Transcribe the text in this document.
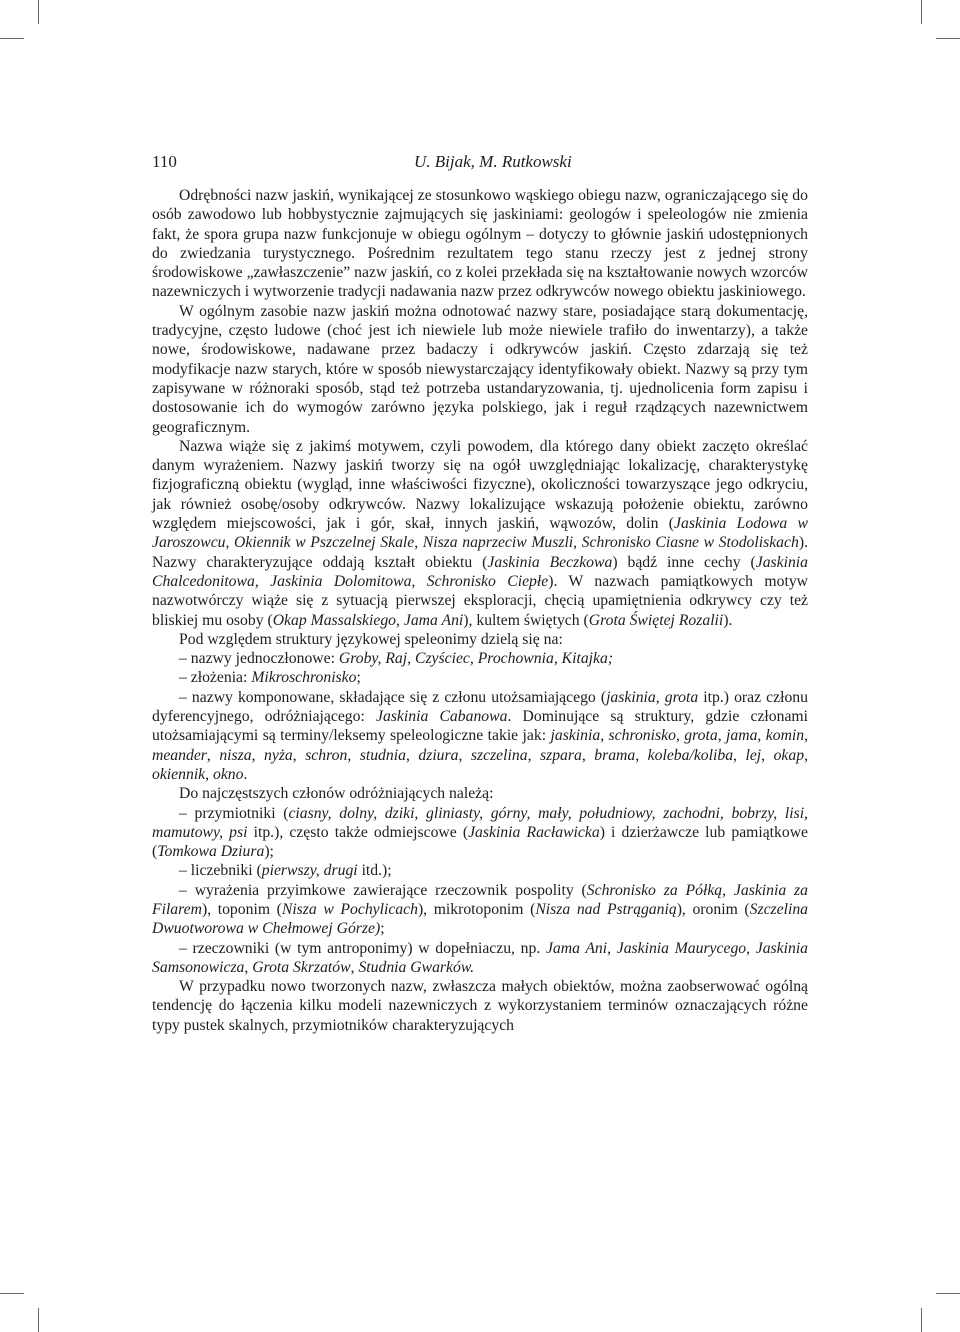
110	U. Bijak, M. Rutkowski

Odrębności nazw jaskiń, wynikającej ze stosunkowo wąskiego obiegu nazw, ograniczającego się do osób zawodowo lub hobbystycznie zajmujących się jaskiniami: geologów i speleologów nie zmienia fakt, że spora grupa nazw funkcjonuje w obiegu ogólnym – dotyczy to głównie jaskiń udostępnionych do zwiedzania turystycznego. Pośrednim rezultatem tego stanu rzeczy jest z jednej strony środowiskowe „zawłaszczenie” nazw jaskiń, co z kolei przekłada się na kształtowanie nowych wzorców nazewniczych i wytworzenie tradycji nadawania nazw przez odkrywców nowego obiektu jaskiniowego.

W ogólnym zasobie nazw jaskiń można odnotować nazwy stare, posiadające starą dokumentację, tradycyjne, często ludowe (choć jest ich niewiele lub może niewiele trafiło do inwentarzy), a także nowe, środowiskowe, nadawane przez badaczy i odkrywców jaskiń. Często zdarzają się też modyfikacje nazw starych, które w sposób niewystarczający identyfikowały obiekt. Nazwy są przy tym zapisywane w różnoraki sposób, stąd też potrzeba ustandaryzowania, tj. ujednolicenia form zapisu i dostosowanie ich do wymogów zarówno języka polskiego, jak i reguł rządzących nazewnictwem geograficznym.

Nazwa wiąże się z jakimś motywem, czyli powodem, dla którego dany obiekt zaczęto określać danym wyrażeniem. Nazwy jaskiń tworzy się na ogół uwzględniając lokalizację, charakterystykę fizjograficzną obiektu (wygląd, inne właściwości fizyczne), okoliczności towarzyszące jego odkryciu, jak również osobę/osoby odkrywców. Nazwy lokalizujące wskazują położenie obiektu, zarówno względem miejscowości, jak i gór, skał, innych jaskiń, wąwozów, dolin (Jaskinia Lodowa w Jaroszowcu, Okiennik w Pszczelnej Skale, Nisza naprzeciw Muszli, Schronisko Ciasne w Stodoliskach). Nazwy charakteryzujące oddają kształt obiektu (Jaskinia Beczkowa) bądź inne cechy (Jaskinia Chalcedonitowa, Jaskinia Dolomitowa, Schronisko Ciepłe). W nazwach pamiątkowych motyw nazwotwórczy wiąże się z sytuacją pierwszej eksploracji, chęcią upamiętnienia odkrywcy czy też bliskiej mu osoby (Okap Massalskiego, Jama Ani), kultem świętych (Grota Świętej Rozalii).

Pod względem struktury językowej speleonimy dzielą się na:

– nazwy jednoczłonowe: Groby, Raj, Czyściec, Prochownia, Kitajka;

– złożenia: Mikroschronisko;

– nazwy komponowane, składające się z członu utożsamiającego (jaskinia, grota itp.) oraz członu dyferencyjnego, odróżniającego: Jaskinia Cabanowa. Dominujące są struktury, gdzie członami utożsamiającymi są terminy/leksemy speleologiczne takie jak: jaskinia, schronisko, grota, jama, komin, meander, nisza, nyża, schron, studnia, dziura, szczelina, szpara, brama, koleba/koliba, lej, okap, okiennik, okno.

Do najczęstszych członów odróżniających należą:

– przymiotniki (ciasny, dolny, dziki, gliniasty, górny, mały, południowy, zachodni, bobrzy, lisi, mamutowy, psi itp.), często także odmiejscowe (Jaskinia Racławicka) i dzierżawcze lub pamiątkowe (Tomkowa Dziura);

– liczebniki (pierwszy, drugi itd.);

– wyrażenia przyimkowe zawierające rzeczownik pospolity (Schronisko za Półką, Jaskinia za Filarem), toponim (Nisza w Pochylicach), mikrotoponim (Nisza nad Pstrąganią), oronim (Szczelina Dwuotworowa w Chełmowej Górze);

– rzeczowniki (w tym antroponimy) w dopełniaczu, np. Jama Ani, Jaskinia Maurycego, Jaskinia Samsonowicza, Grota Skrzatów, Studnia Gwarków.

W przypadku nowo tworzonych nazw, zwłaszcza małych obiektów, można zaobserwować ogólną tendencję do łączenia kilku modeli nazewniczych z wykorzystaniem terminów oznaczających różne typy pustek skalnych, przymiotników charakteryzujących
